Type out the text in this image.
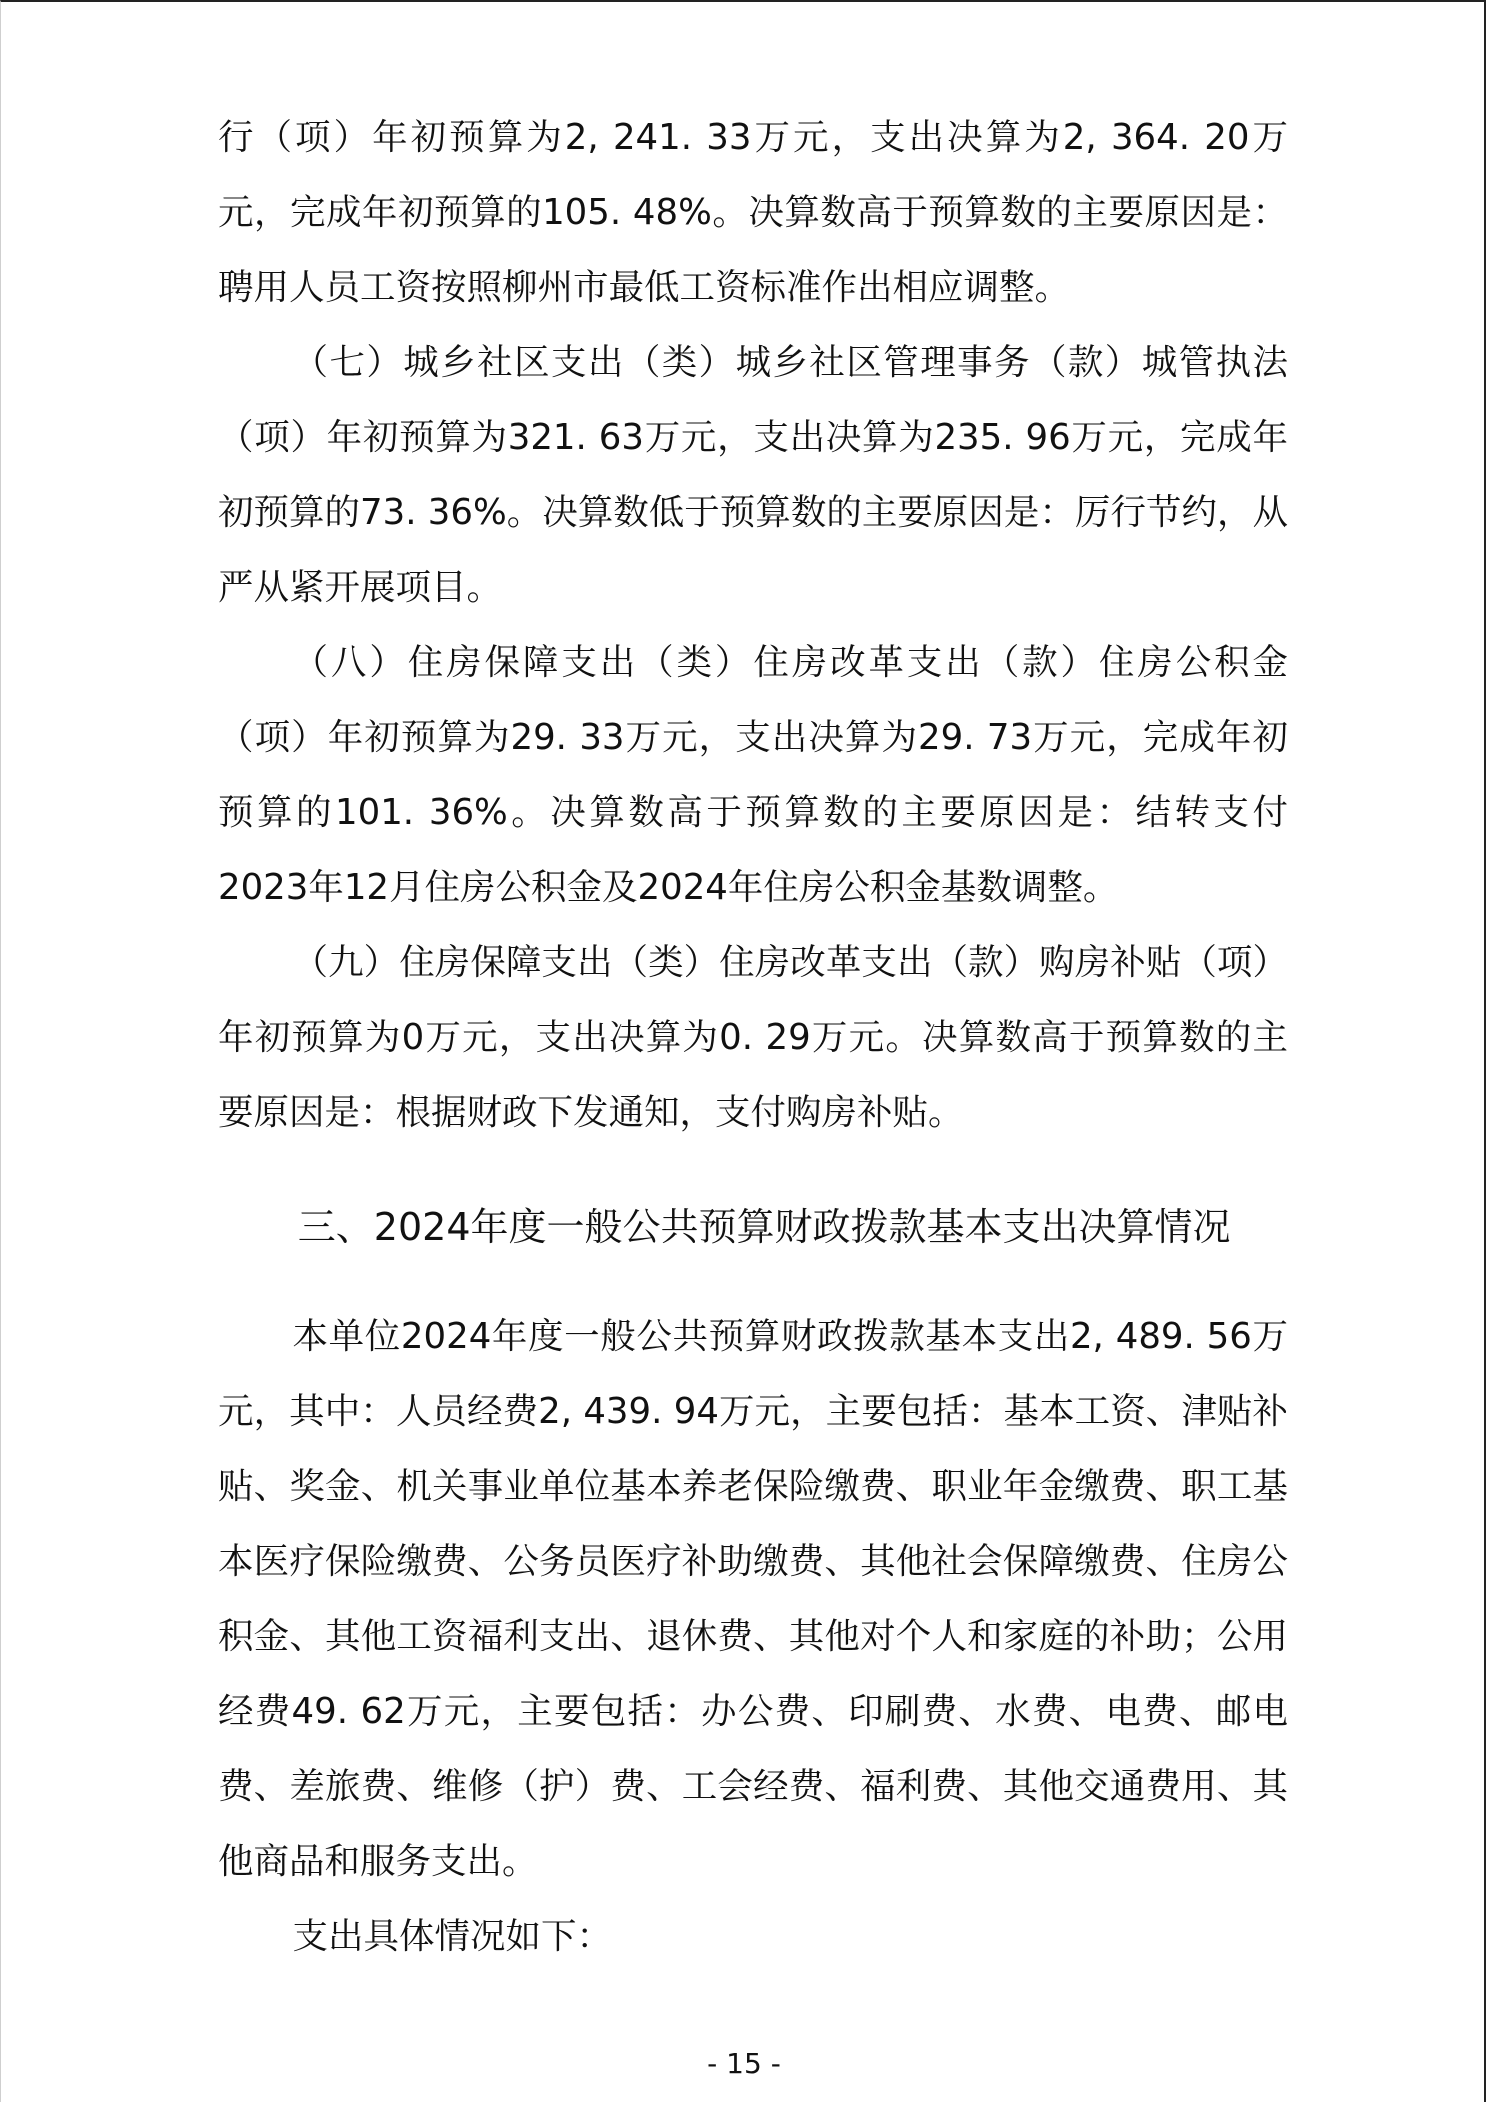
行（项）年初预算为2, 241. 33万元，支出决算为2, 364. 20万元，完成年初预算的105. 48%。决算数高于预算数的主要原因是：聘用人员工资按照柳州市最低工资标准作出相应调整。

（七）城乡社区支出（类）城乡社区管理事务（款）城管执法（项）年初预算为321. 63万元，支出决算为235. 96万元，完成年初预算的73. 36%。决算数低于预算数的主要原因是：厉行节约，从严从紧开展项目。

（八）住房保障支出（类）住房改革支出（款）住房公积金（项）年初预算为29. 33万元，支出决算为29. 73万元，完成年初预算的101. 36%。决算数高于预算数的主要原因是：结转支付2023年12月住房公积金及2024年住房公积金基数调整。

（九）住房保障支出（类）住房改革支出（款）购房补贴（项）年初预算为0万元，支出决算为0. 29万元。决算数高于预算数的主要原因是：根据财政下发通知，支付购房补贴。

三、2024年度一般公共预算财政拨款基本支出决算情况

本单位2024年度一般公共预算财政拨款基本支出2, 489. 56万元，其中：人员经费2, 439. 94万元，主要包括：基本工资、津贴补贴、奖金、机关事业单位基本养老保险缴费、职业年金缴费、职工基本医疗保险缴费、公务员医疗补助缴费、其他社会保障缴费、住房公积金、其他工资福利支出、退休费、其他对个人和家庭的补助；公用经费49. 62万元，主要包括：办公费、印刷费、水费、电费、邮电费、差旅费、维修（护）费、工会经费、福利费、其他交通费用、其他商品和服务支出。

支出具体情况如下：

- 15 -
